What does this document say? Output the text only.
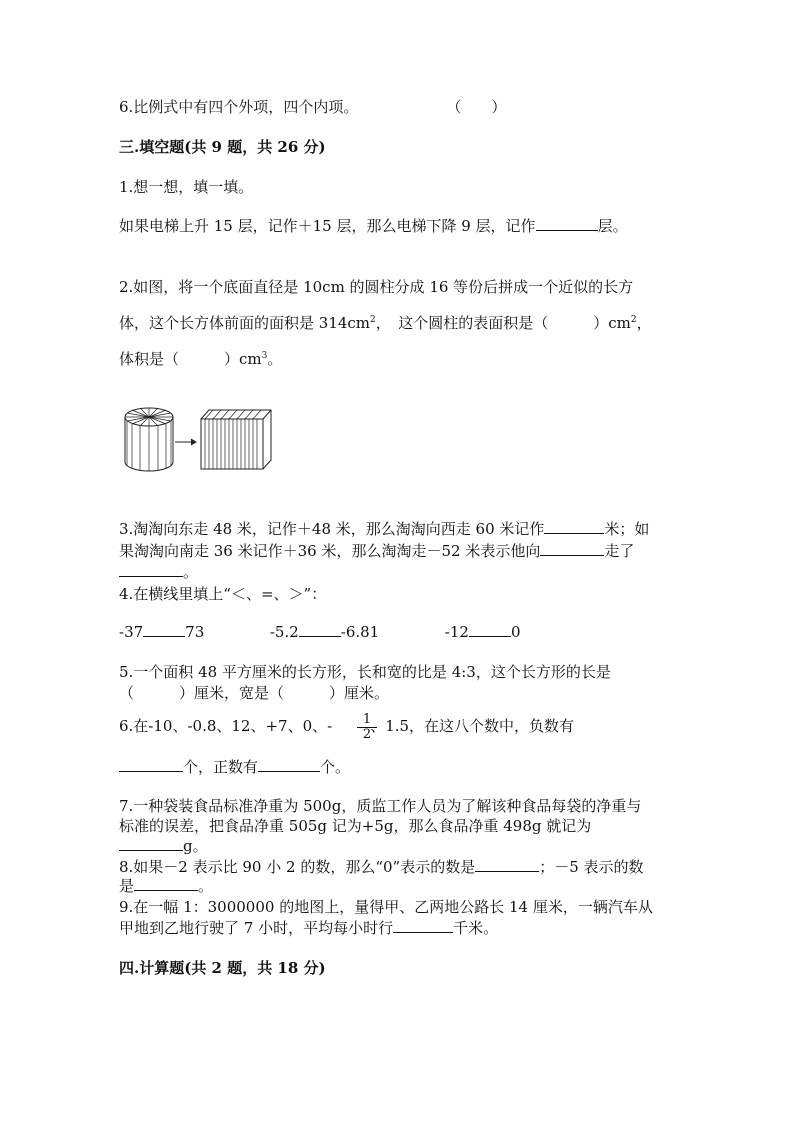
6.比例式中有四个外项，四个内项。	（　　）
三.填空题(共 9 题，共 26 分)
1.想一想，填一填。
如果电梯上升 15 层，记作＋15 层，那么电梯下降 9 层，记作	层。
2.如图，将一个底面直径是 10cm 的圆柱分成 16 等份后拼成一个近似的长方
体，这个长方体前面的面积是 $314cm^2$，　这个圆柱的表面积是（　　　）$cm^2$，
体积是（　　　）$cm^3$。
3.淘淘向东走 48 米，记作＋48 米，那么淘淘向西走 60 米记作	米；如
果淘淘向南走 36 米记作＋36 米，那么淘淘走－52 米表示他向	走了
。
4.在横线里填上“＜、=、＞”：
-37	73	-5.2	-6.81	-12	0
5.一个面积 48 平方厘米的长方形，长和宽的比是 4:3，这个长方形的长是
（　　　）厘米，宽是（　　　）厘米。
6.在-10、-0.8、12、+7、0、-	、1.5，在这八个数中，负数有
$\frac{1}{2}$
个，正数有	个。
7.一种袋装食品标准净重为 500g，质监工作人员为了解该种食品每袋的净重与
标准的误差，把食品净重 505g 记为+5g，那么食品净重 498g 就记为
g。
8.如果－2 表示比 90 小 2 的数，那么“0”表示的数是	；－5 表示的数
是	。
9.在一幅 1：3000000 的地图上，量得甲、乙两地公路长 14 厘米，一辆汽车从
甲地到乙地行驶了 7 小时，平均每小时行	千米。
四.计算题(共 2 题，共 18 分)
